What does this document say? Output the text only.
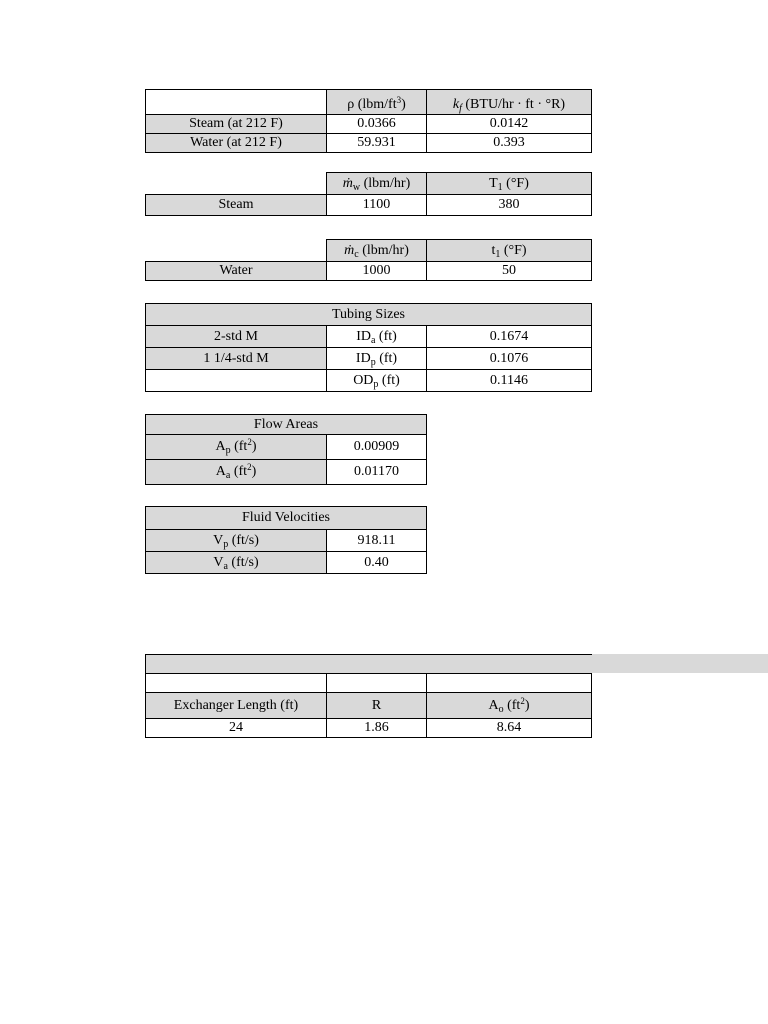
	ρ $(lbm/ft^3)$	$k_f$ (BTU/hr · ft · °R)
Steam (at 212 F)	0.0366	0.0142
Water (at 212 F)	59.931	0.393
	ṁ$_w$ (lbm/hr)	$T_1$ (°F)
Steam	1100	380
	ṁ$_c$ (lbm/hr)	$t_1$ (°F)
Water	1000	50
Tubing Sizes		
2-std M	$ID_a$ (ft)	0.1674
1 1/4-std M	$ID_p$ (ft)	0.1076
	$OD_p$ (ft)	0.1146
Flow Areas	
$A_p$ $(ft^2)$	0.00909
$A_a$ $(ft^2)$	0.01170
Fluid Velocities	
$V_p$ (ft/s)	918.11
$V_a$ (ft/s)	0.40

Exchanger Length (ft)	R	$A_o$ $(ft^2)$
24	1.86	8.64
